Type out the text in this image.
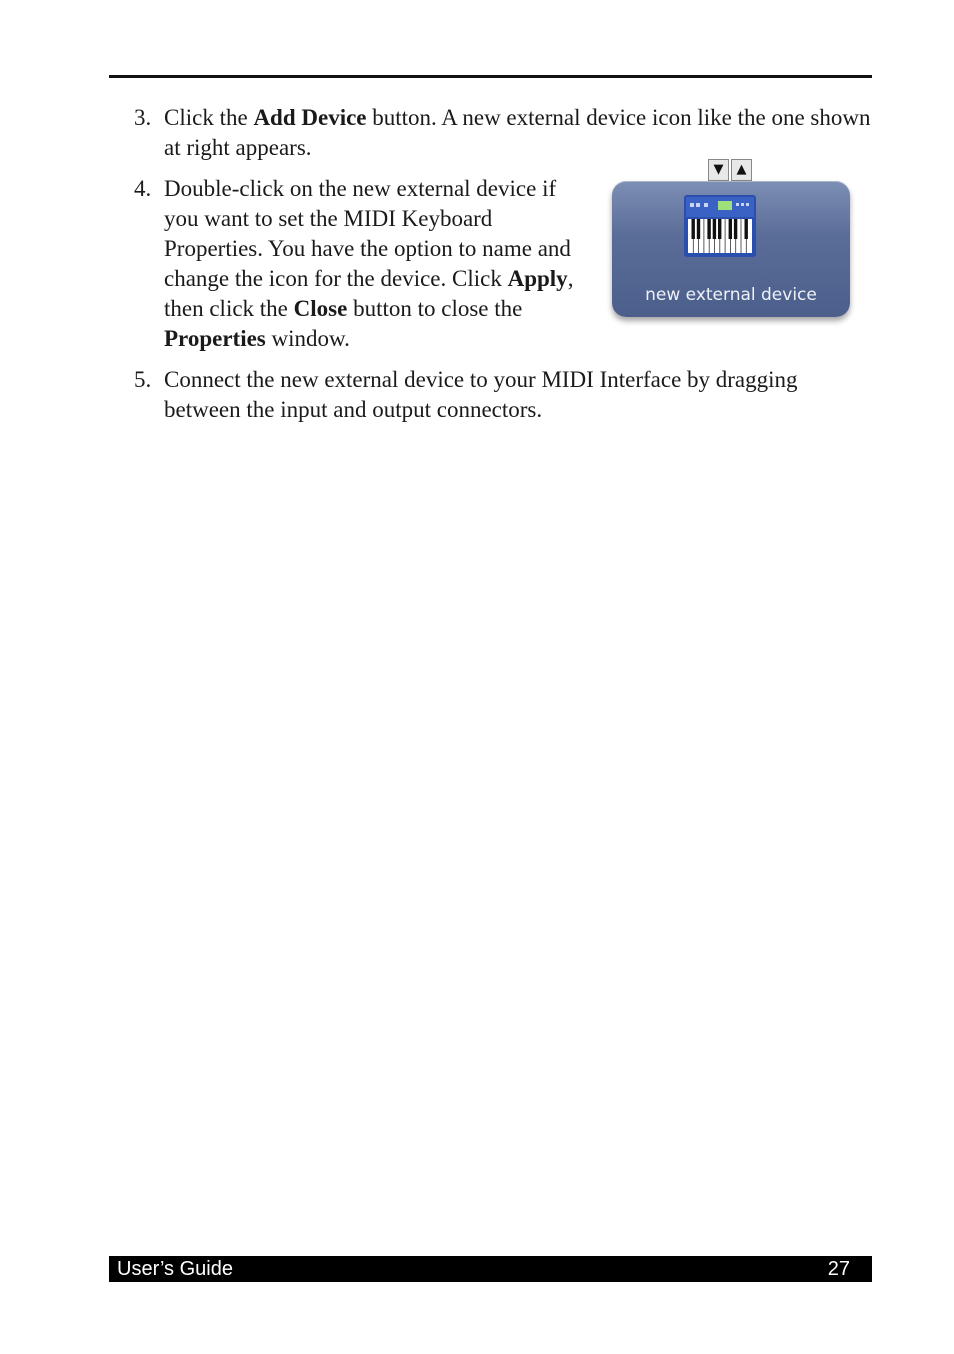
3. Click the Add Device button. A new external device icon like the one shown at right appears.
4. Double-click on the new external device if you want to set the MIDI Keyboard Properties. You have the option to name and change the icon for the device. Click Apply, then click the Close button to close the Properties window.
5. Connect the new external device to your MIDI Interface by dragging between the input and output connectors.
▼	▲
new external device
User’s Guide	27
